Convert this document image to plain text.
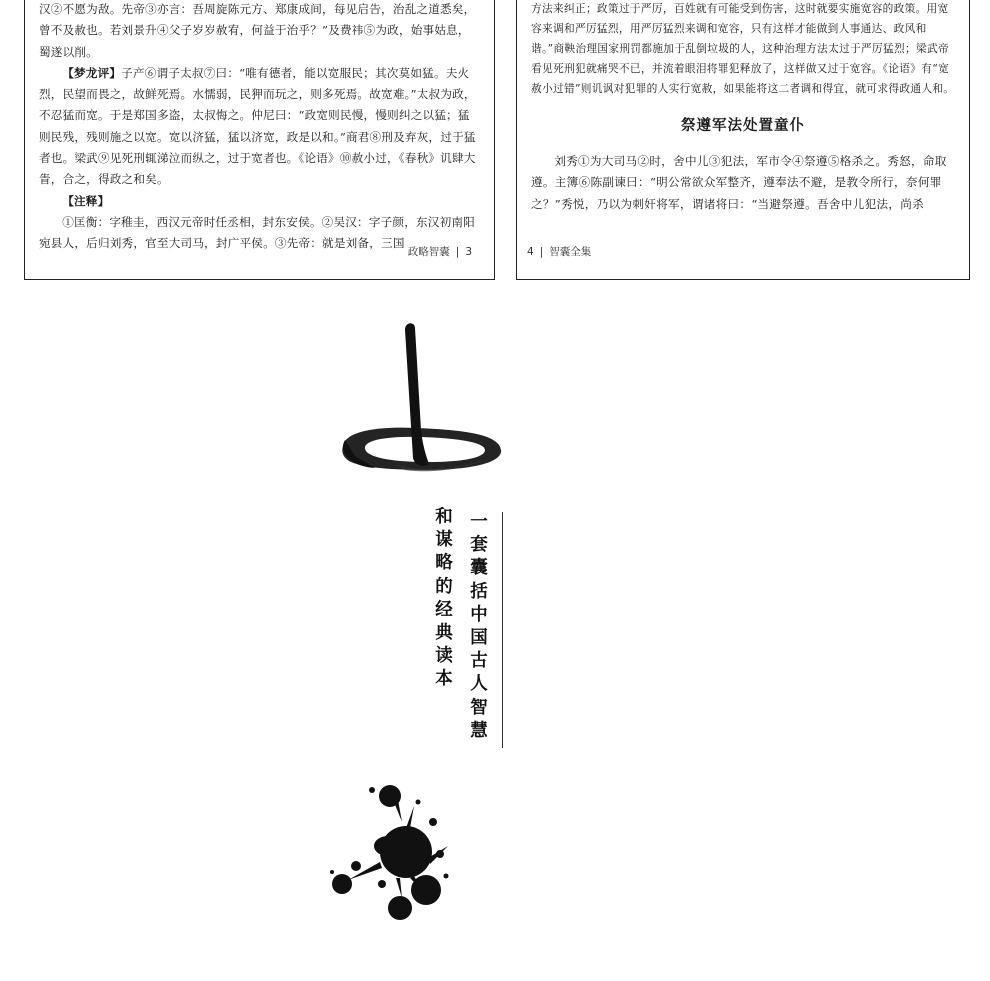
汉②不愿为敌。先帝③亦言：吾周旋陈元方、郑康成间，每见启告，治乱之道悉矣，曾不及赦也。若刘景升④父子岁岁赦宥，何益于治乎？”及费祎⑤为政，始事姑息，蜀遂以削。

【梦龙评】子产⑥谓子太叔⑦曰：“唯有德者，能以宽服民；其次莫如猛。夫火烈，民望而畏之，故鲜死焉。水懦弱，民狎而玩之，则多死焉。故宽难。”太叔为政，不忍猛而宽。于是郑国多盗，太叔悔之。仲尼曰：“政宽则民慢，慢则纠之以猛；猛则民残，残则施之以宽。宽以济猛，猛以济宽，政是以和。”商君⑧刑及弃灰，过于猛者也。梁武⑨见死刑辄涕泣而纵之，过于宽者也。《论语》⑩赦小过，《春秋》讥肆大眚，合之，得政之和矣。

【注释】

①匡衡：字稚圭，西汉元帝时任丞相，封东安侯。②吴汉：字子颜，东汉初南阳宛县人，后归刘秀，官至大司马，封广平侯。③先帝：就是刘备，三国

政略智囊 | 3

方法来纠正；政策过于严厉，百姓就有可能受到伤害，这时就要实施宽容的政策。用宽容来调和严厉猛烈，用严厉猛烈来调和宽容，只有这样才能做到人事通达、政风和谐。”商鞅治理国家刑罚都施加于乱倒垃圾的人，这种治理方法太过于严厉猛烈；梁武帝看见死刑犯就痛哭不已，并流着眼泪将罪犯释放了，这样做又过于宽容。《论语》有“宽赦小过错”则讥讽对犯罪的人实行宽赦，如果能将这二者调和得宜，就可求得政通人和。

祭遵军法处置童仆

刘秀①为大司马②时，舍中儿③犯法，军市令④祭遵⑤格杀之。秀怒，命取遵。主簿⑥陈副谏曰：“明公常欲众军整齐，遵奉法不避，是教令所行，奈何罪之？”秀悦，乃以为刺奸将军，谓诸将曰：“当避祭遵。吾舍中儿犯法，尚杀

4 | 智囊全集
一套囊括中国古人智慧
和谋略的经典读本
